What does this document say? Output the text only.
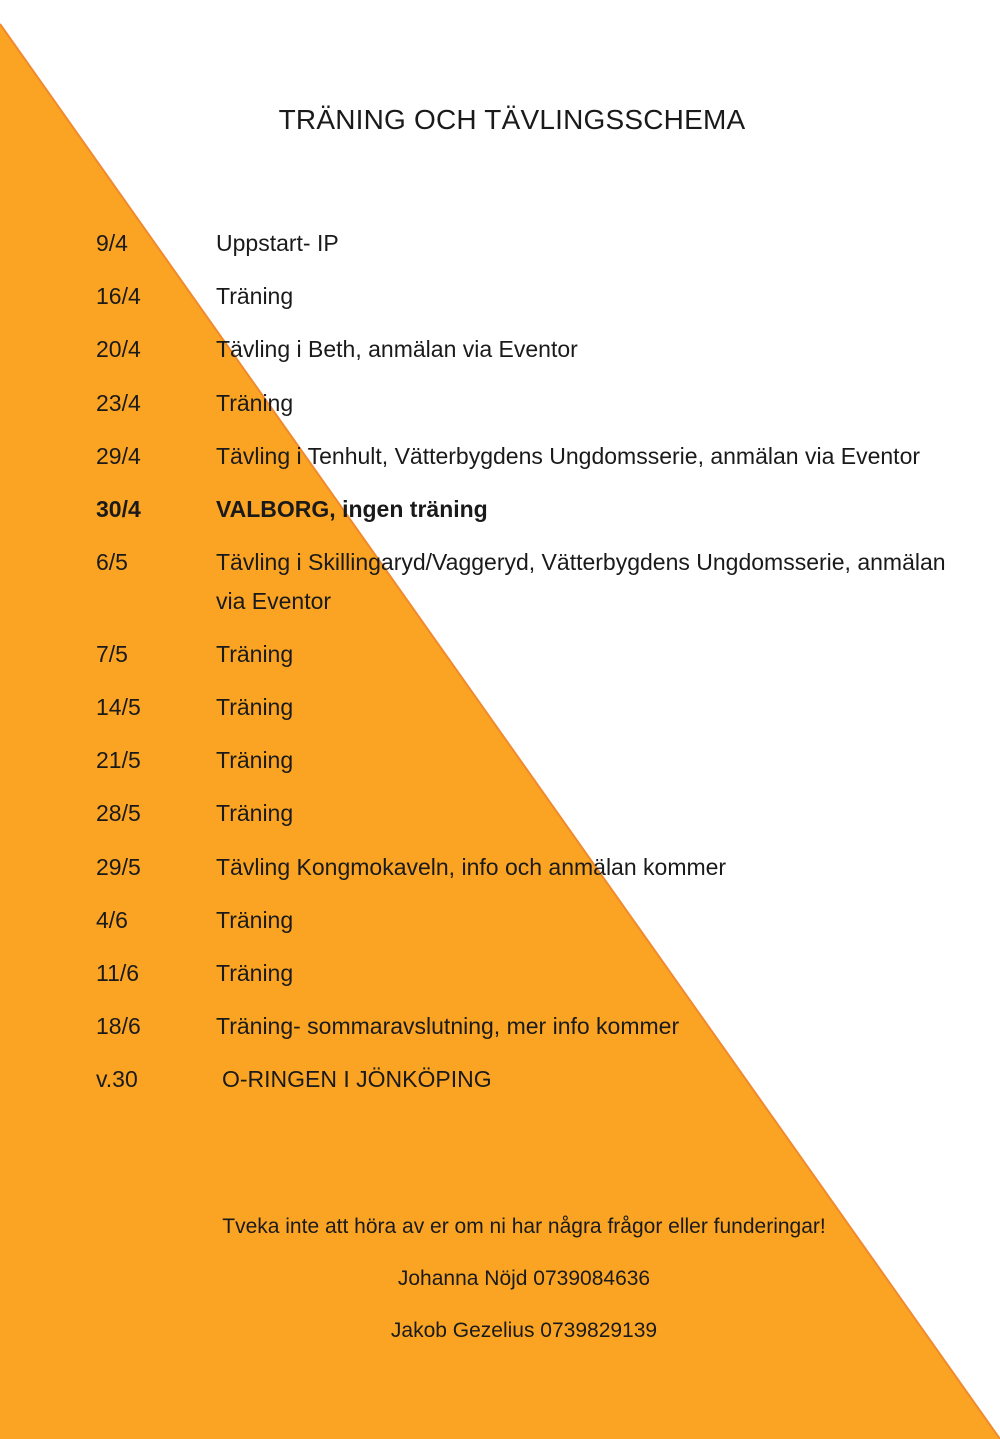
TRÄNING OCH TÄVLINGSSCHEMA
9/4	Uppstart- IP
16/4	Träning
20/4	Tävling i Beth, anmälan via Eventor
23/4	Träning
29/4	Tävling i Tenhult, Vätterbygdens Ungdomsserie, anmälan via Eventor
30/4	VALBORG, ingen träning
6/5	Tävling i Skillingaryd/Vaggeryd, Vätterbygdens Ungdomsserie, anmälan via Eventor
7/5	Träning
14/5	Träning
21/5	Träning
28/5	Träning
29/5	Tävling Kongmokaveln, info och anmälan kommer
4/6	Träning
11/6	Träning
18/6	Träning- sommaravslutning, mer info kommer
v.30	O-RINGEN I JÖNKÖPING

Tveka inte att höra av er om ni har några frågor eller funderingar!

Johanna Nöjd 0739084636

Jakob Gezelius 0739829139
